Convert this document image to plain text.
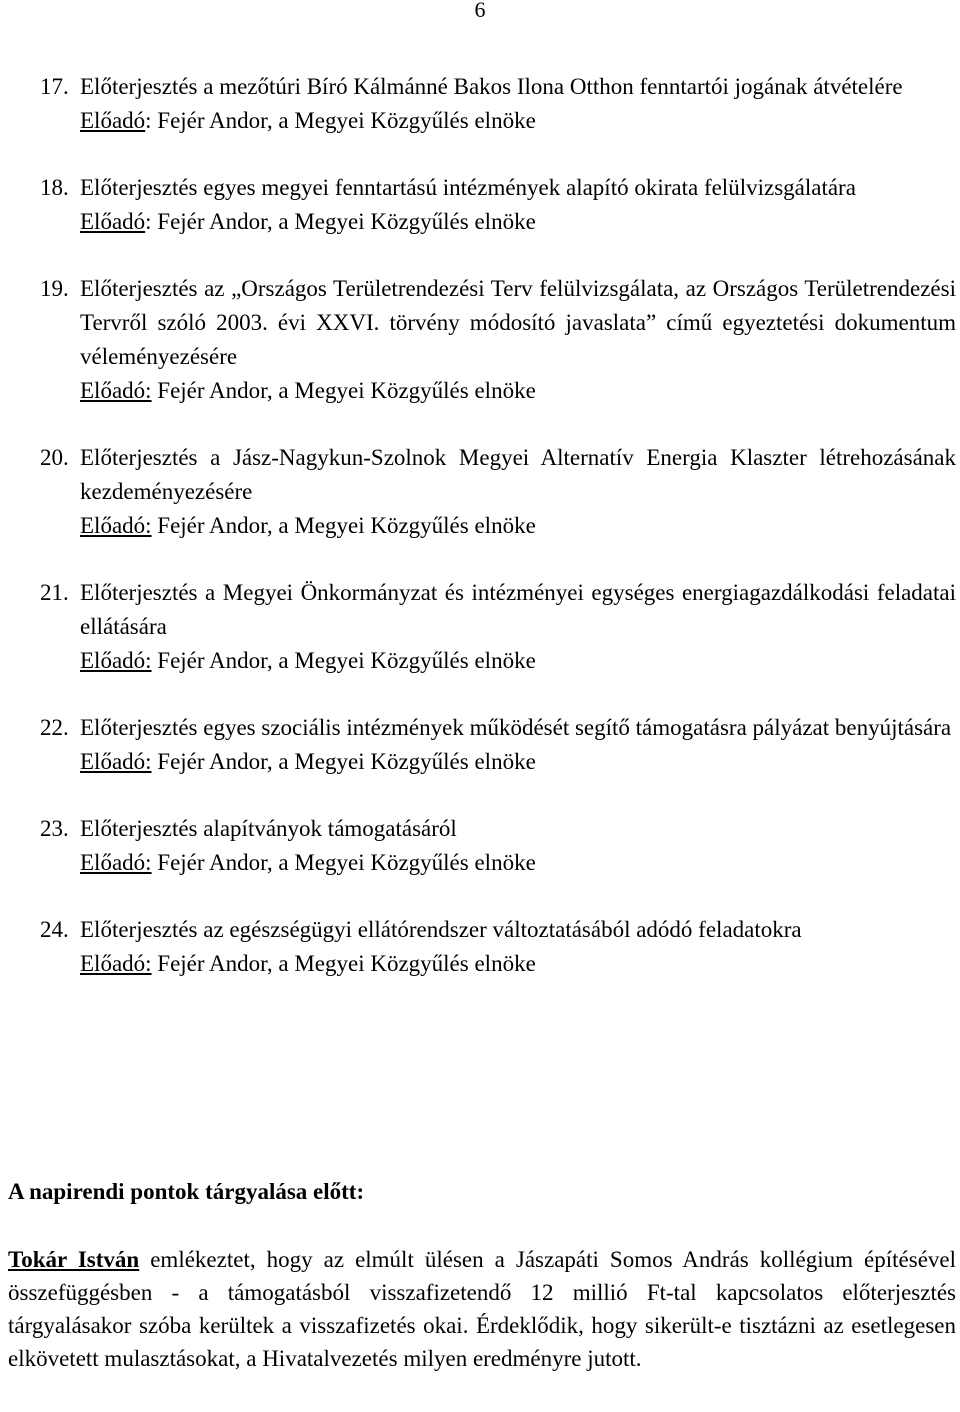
6
17. Előterjesztés a mezőtúri Bíró Kálmánné Bakos Ilona Otthon fenntartói jogának átvételére
Előadó: Fejér Andor, a Megyei Közgyűlés elnöke
18. Előterjesztés egyes megyei fenntartású intézmények alapító okirata felülvizsgálatára
Előadó: Fejér Andor, a Megyei Közgyűlés elnöke
19. Előterjesztés az „Országos Területrendezési Terv felülvizsgálata, az Országos Területrendezési Tervről szóló 2003. évi XXVI. törvény módosító javaslata” című egyeztetési dokumentum véleményezésére
Előadó: Fejér Andor, a Megyei Közgyűlés elnöke
20. Előterjesztés a Jász-Nagykun-Szolnok Megyei Alternatív Energia Klaszter létrehozásának kezdeményezésére
Előadó: Fejér Andor, a Megyei Közgyűlés elnöke
21. Előterjesztés a Megyei Önkormányzat és intézményei egységes energiagazdálkodási feladatai ellátására
Előadó: Fejér Andor, a Megyei Közgyűlés elnöke
22. Előterjesztés egyes szociális intézmények működését segítő támogatásra pályázat benyújtására
Előadó: Fejér Andor, a Megyei Közgyűlés elnöke
23. Előterjesztés alapítványok támogatásáról
Előadó: Fejér Andor, a Megyei Közgyűlés elnöke
24. Előterjesztés az egészségügyi ellátórendszer változtatásából adódó feladatokra
Előadó: Fejér Andor, a Megyei Közgyűlés elnöke
A napirendi pontok tárgyalása előtt:

Tokár István emlékeztet, hogy az elmúlt ülésen a Jászapáti Somos András kollégium építésével összefüggésben - a támogatásból visszafizetendő 12 millió Ft-tal kapcsolatos előterjesztés tárgyalásakor szóba kerültek a visszafizetés okai. Érdeklődik, hogy sikerült-e tisztázni az esetlegesen elkövetett mulasztásokat, a Hivatalvezetés milyen eredményre jutott.
